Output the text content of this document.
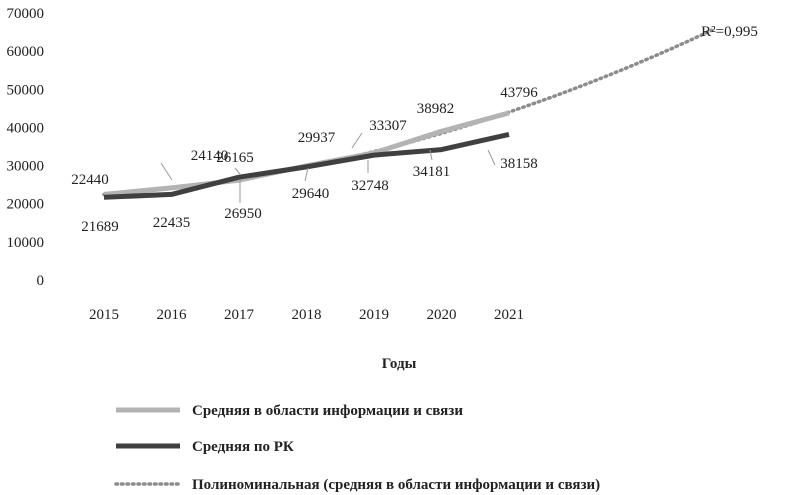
0
10000
20000
30000
40000
50000
60000
70000
2015	2016	2017	2018	2019	2020	2021
22440
24140
26165
29937
33307
38982
43796
21689 22435
26950
29640 32748
34181	38158
R²=0,995
Годы
Средняя в области информации и связи
Средняя по РК
Полиноминальная (средняя в области информации и связи)
